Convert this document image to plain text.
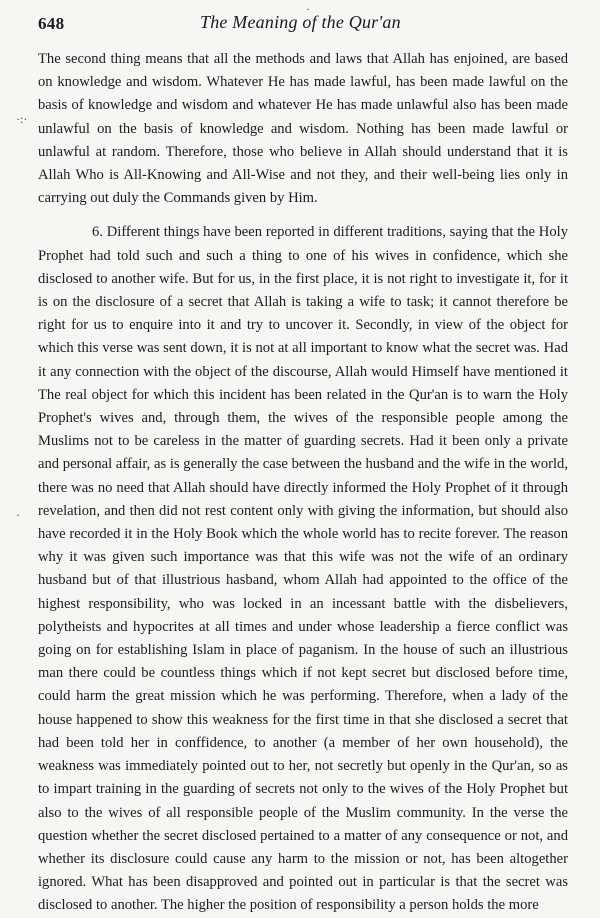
648	The Meaning of the Qur'an
·
·:·
·

The second thing means that all the methods and laws that Allah has enjoined, are based on knowledge and wisdom. Whatever He has made lawful, has been made lawful on the basis of knowledge and wisdom and whatever He has made unlawful also has been made unlawful on the basis of knowledge and wisdom. Nothing has been made lawful or unlawful at random. Therefore, those who believe in Allah should understand that it is Allah Who is All-Knowing and All-Wise and not they, and their well-being lies only in carrying out duly the Commands given by Him.

6. Different things have been reported in different traditions, saying that the Holy Prophet had told such and such a thing to one of his wives in confidence, which she disclosed to another wife. But for us, in the first place, it is not right to investigate it, for it is on the disclosure of a secret that Allah is taking a wife to task; it cannot therefore be right for us to enquire into it and try to uncover it. Secondly, in view of the object for which this verse was sent down, it is not at all important to know what the secret was. Had it any connection with the object of the discourse, Allah would Himself have mentioned it The real object for which this incident has been related in the Qur'an is to warn the Holy Prophet's wives and, through them, the wives of the responsible people among the Muslims not to be careless in the matter of guarding secrets. Had it been only a private and personal affair, as is generally the case between the husband and the wife in the world, there was no need that Allah should have directly informed the Holy Prophet of it through revelation, and then did not rest content only with giving the information, but should also have recorded it in the Holy Book which the whole world has to recite forever. The reason why it was given such importance was that this wife was not the wife of an ordinary husband but of that illustrious hasband, whom Allah had appointed to the office of the highest responsibility, who was locked in an incessant battle with the disbelievers, polytheists and hypocrites at all times and under whose leadership a fierce conflict was going on for establishing Islam in place of paganism. In the house of such an illustrious man there could be countless things which if not kept secret but disclosed before time, could harm the great mission which he was performing. Therefore, when a lady of the house happened to show this weakness for the first time in that she disclosed a secret that had been told her in conffidence, to another (a member of her own household), the weakness was immediately pointed out to her, not secretly but openly in the Qur'an, so as to impart training in the guarding of secrets not only to the wives of the Holy Prophet but also to the wives of all responsible people of the Muslim community. In the verse the question whether the secret disclosed pertained to a matter of any consequence or not, and whether its disclosure could cause any harm to the mission or not, has been altogether ignored. What has been disapproved and pointed out in particular is that the secret was disclosed to another. The higher the position of responsibility a person holds the more
